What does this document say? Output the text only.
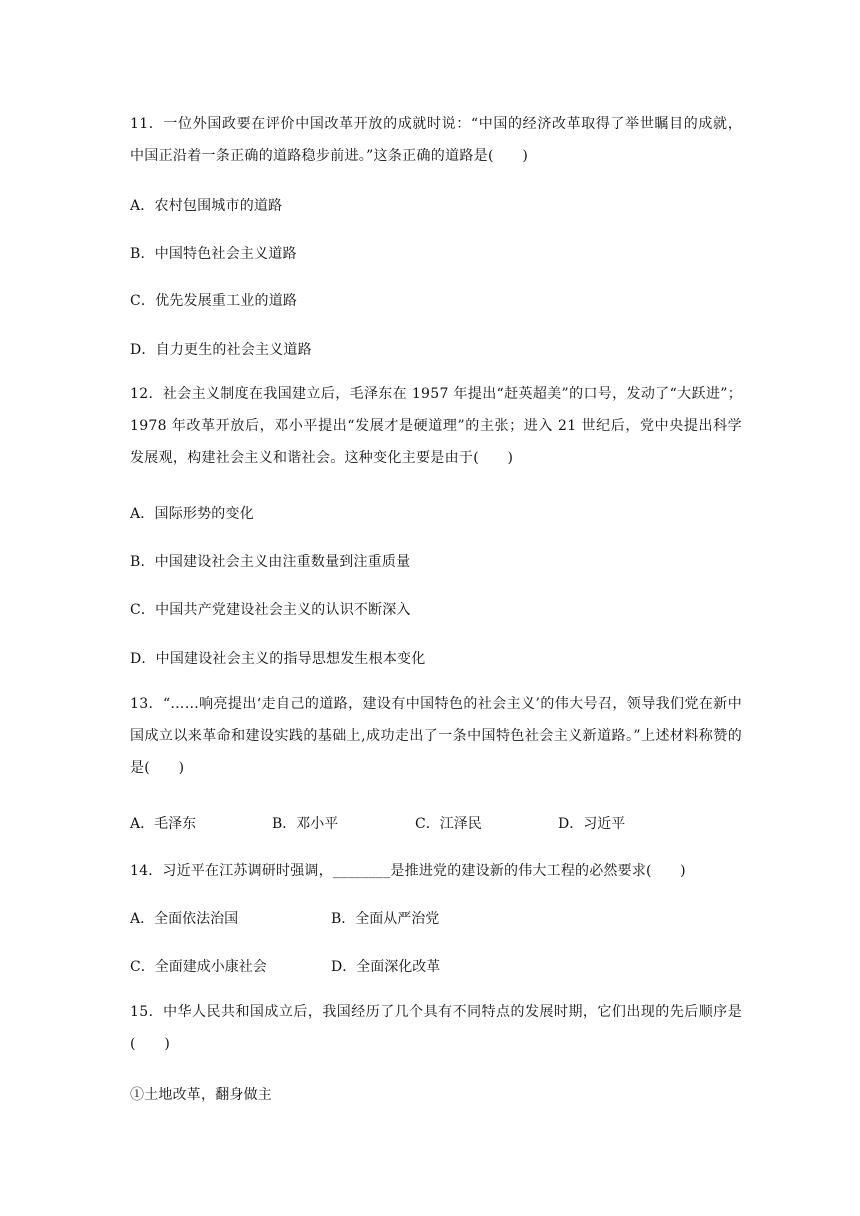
11．一位外国政要在评价中国改革开放的成就时说：“中国的经济改革取得了举世瞩目的成就，中国正沿着一条正确的道路稳步前进。”这条正确的道路是(　　)
A．农村包围城市的道路
B．中国特色社会主义道路
C．优先发展重工业的道路
D．自力更生的社会主义道路
12．社会主义制度在我国建立后，毛泽东在 1957 年提出“赶英超美”的口号，发动了“大跃进”；1978 年改革开放后，邓小平提出“发展才是硬道理”的主张；进入 21 世纪后，党中央提出科学发展观，构建社会主义和谐社会。这种变化主要是由于(　　)
A．国际形势的变化
B．中国建设社会主义由注重数量到注重质量
C．中国共产党建设社会主义的认识不断深入
D．中国建设社会主义的指导思想发生根本变化
13．“……响亮提出‘走自己的道路，建设有中国特色的社会主义’的伟大号召，领导我们党在新中国成立以来革命和建设实践的基础上,成功走出了一条中国特色社会主义新道路。”上述材料称赞的是(　　)
A．毛泽东	B．邓小平	C．江泽民	D．习近平
14．习近平在江苏调研时强调，________是推进党的建设新的伟大工程的必然要求(　　)
A．全面依法治国	B．全面从严治党
C．全面建成小康社会	D．全面深化改革
15．中华人民共和国成立后，我国经历了几个具有不同特点的发展时期，它们出现的先后顺序是(　　)
①土地改革，翻身做主
